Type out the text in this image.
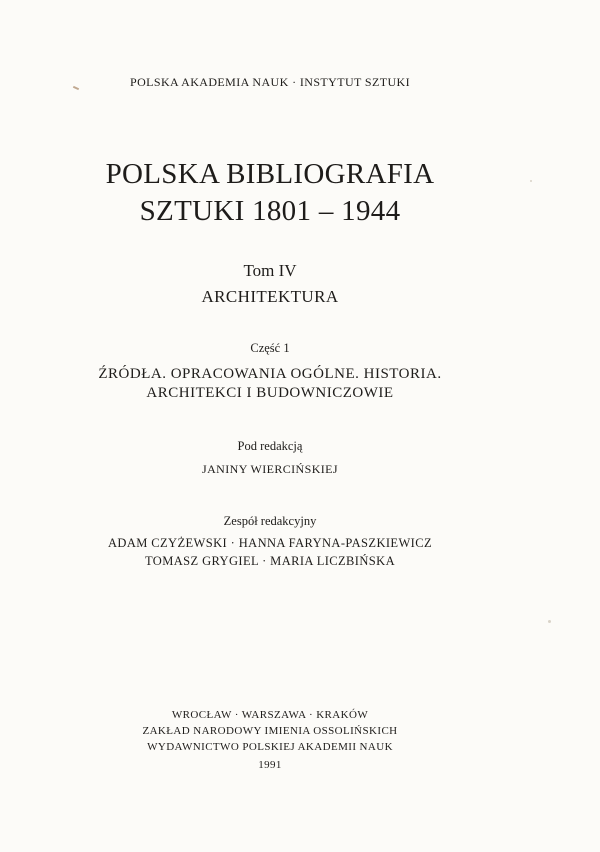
POLSKA AKADEMIA NAUK · INSTYTUT SZTUKI
POLSKA BIBLIOGRAFIA
SZTUKI 1801 – 1944
Tom IV
ARCHITEKTURA
Część 1
ŹRÓDŁA. OPRACOWANIA OGÓLNE. HISTORIA.
ARCHITEKCI I BUDOWNICZOWIE
Pod redakcją
JANINY WIERCIŃSKIEJ
Zespół redakcyjny
ADAM CZYŻEWSKI · HANNA FARYNA-PASZKIEWICZ
TOMASZ GRYGIEL · MARIA LICZBIŃSKA
WROCŁAW · WARSZAWA · KRAKÓW
ZAKŁAD NARODOWY IMIENIA OSSOLIŃSKICH
WYDAWNICTWO POLSKIEJ AKADEMII NAUK
1991
